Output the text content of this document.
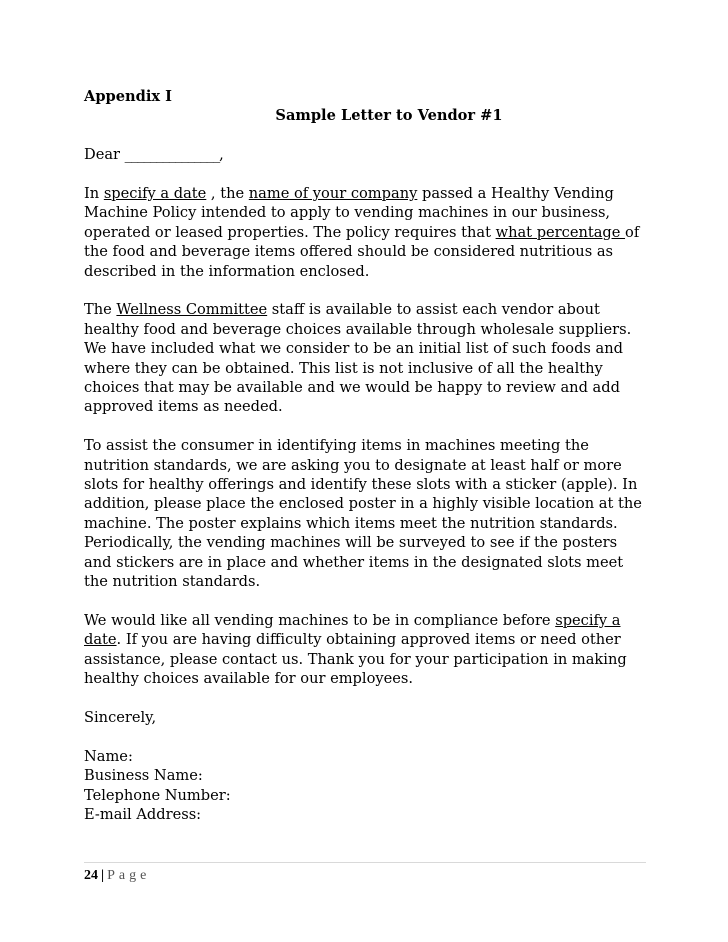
Appendix I

Sample Letter to Vendor #1

Dear _______________,

In specify a date , the name of your company passed a Healthy Vending Machine Policy intended to apply to vending machines in our business, operated or leased properties. The policy requires that what percentage of the food and beverage items offered should be considered nutritious as described in the information enclosed.

The Wellness Committee staff is available to assist each vendor about healthy food and beverage choices available through wholesale suppliers. We have included what we consider to be an initial list of such foods and where they can be obtained. This list is not inclusive of all the healthy choices that may be available and we would be happy to review and add approved items as needed.

To assist the consumer in identifying items in machines meeting the nutrition standards, we are asking you to designate at least half or more slots for healthy offerings and identify these slots with a sticker (apple). In addition, please place the enclosed poster in a highly visible location at the machine. The poster explains which items meet the nutrition standards. Periodically, the vending machines will be surveyed to see if the posters and stickers are in place and whether items in the designated slots meet the nutrition standards.

We would like all vending machines to be in compliance before specify a date. If you are having difficulty obtaining approved items or need other assistance, please contact us. Thank you for your participation in making healthy choices available for our employees.

Sincerely,

Name:

Business Name:

Telephone Number:

E-mail Address:

24 | Page
